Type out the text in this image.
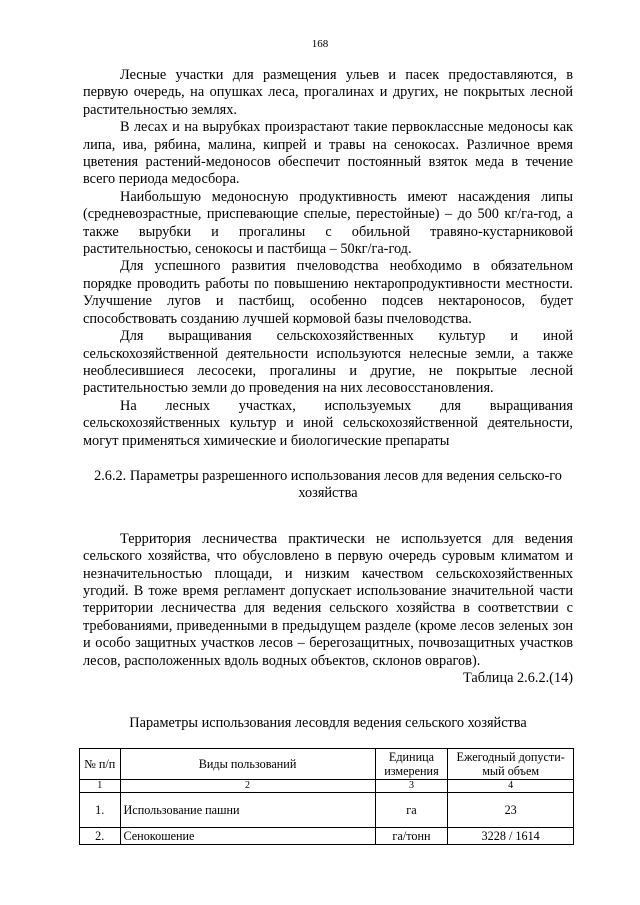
168

Лесные участки для размещения ульев и пасек предоставляются, в первую очередь, на опушках леса, прогалинах и других, не покрытых лесной растительностью землях.

В лесах и на вырубках произрастают такие первоклассные медоносы как липа, ива, рябина, малина, кипрей и травы на сенокосах. Различное время цветения растений-медоносов обеспечит постоянный взяток меда в течение всего периода медосбора.

Наибольшую медоносную продуктивность имеют насаждения липы (средневозрастные, приспевающие спелые, перестойные) – до 500 кг/га-год, а также вырубки и прогалины с обильной травяно-кустарниковой растительностью, сенокосы и пастбища – 50кг/га-год.

Для успешного развития пчеловодства необходимо в обязательном порядке проводить работы по повышению нектаропродуктивности местности. Улучшение лугов и пастбищ, особенно подсев нектароносов, будет способствовать созданию лучшей кормовой базы пчеловодства.

Для выращивания сельскохозяйственных культур и иной сельскохозяйственной деятельности используются нелесные земли, а также необлесившиеся лесосеки, прогалины и другие, не покрытые лесной растительностью земли до проведения на них лесовосстановления.

На лесных участках, используемых для выращивания сельскохозяйственных культур и иной сельскохозяйственной деятельности, могут применяться химические и биологические препараты

2.6.2. Параметры разрешенного использования лесов для ведения сельско-го хозяйства

Территория лесничества практически не используется для ведения сельского хозяйства, что обусловлено в первую очередь суровым климатом и незначительностью площади, и низким качеством сельскохозяйственных угодий. В тоже время регламент допускает использование значительной части территории лесничества для ведения сельского хозяйства в соответствии с требованиями, приведенными в предыдущем разделе (кроме лесов зеленых зон и особо защитных участков лесов – берегозащитных, почвозащитных участков лесов, расположенных вдоль водных объектов, склонов оврагов).

Таблица 2.6.2.(14)
Параметры использования лесовдля ведения сельского хозяйства
№ п/п	Виды пользований	Единица измерения	Ежегодный допусти-мый объем
1	2	3	4
1.	Использование пашни	га	23
2.	Сенокошение	га/тонн	3228 / 1614
